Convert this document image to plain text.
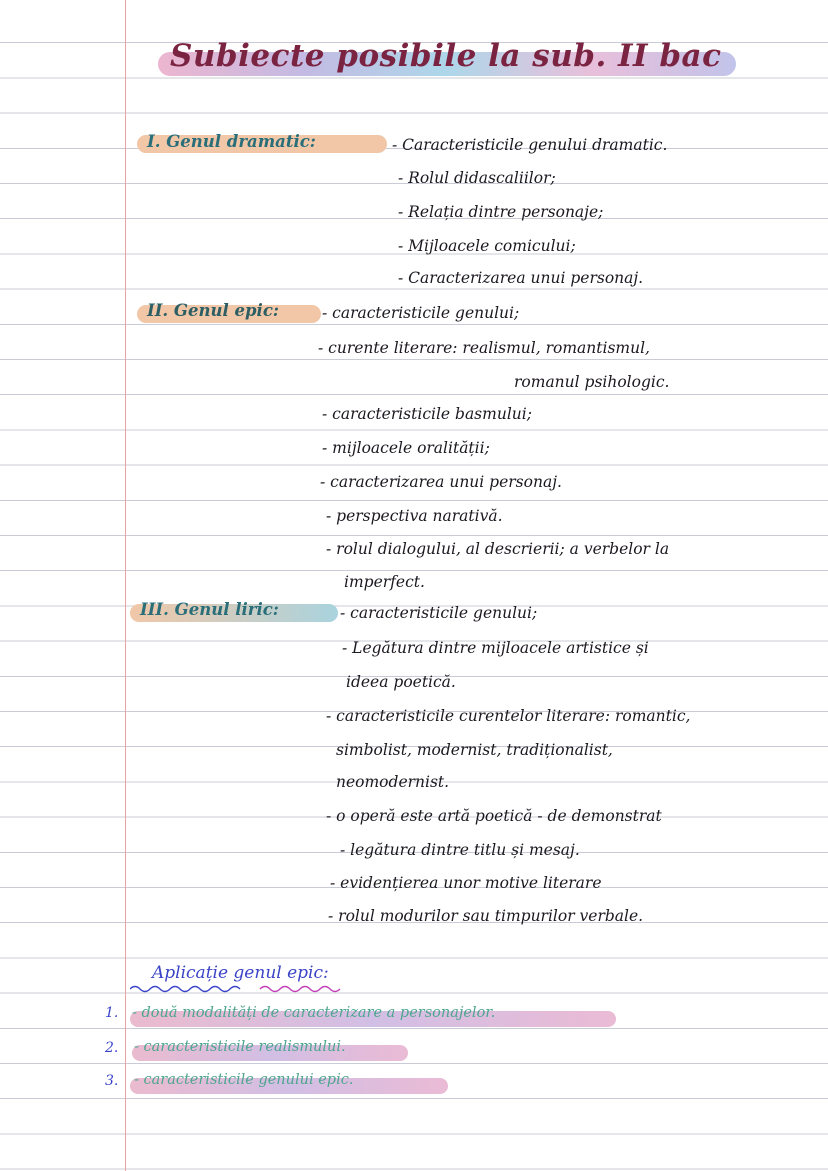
Subiecte posibile la sub. II bac
I. Genul dramatic:	- Caracteristicile genului dramatic.
- Rolul didascaliilor;
- Relația dintre personaje;
- Mijloacele comicului;
- Caracterizarea unui personaj.
II. Genul epic:	- caracteristicile genului;
- curente literare: realismul, romantismul,
romanul psihologic.
- caracteristicile basmului;
- mijloacele oralității;
- caracterizarea unui personaj.
- perspectiva narativă.
- rolul dialogului, al descrierii; a verbelor la
imperfect.
III. Genul liric:	- caracteristicile genului;
- Legătura dintre mijloacele artistice și
ideea poetică.
- caracteristicile curentelor literare: romantic,
simbolist, modernist, tradiționalist,
neomodernist.
- o operă este artă poetică - de demonstrat
- legătura dintre titlu și mesaj.
- evidențierea unor motive literare
- rolul modurilor sau timpurilor verbale.
Aplicație genul epic:
1. - două modalități de caracterizare a personajelor.
2. - caracteristicile realismului.
3. - caracteristicile genului epic.
